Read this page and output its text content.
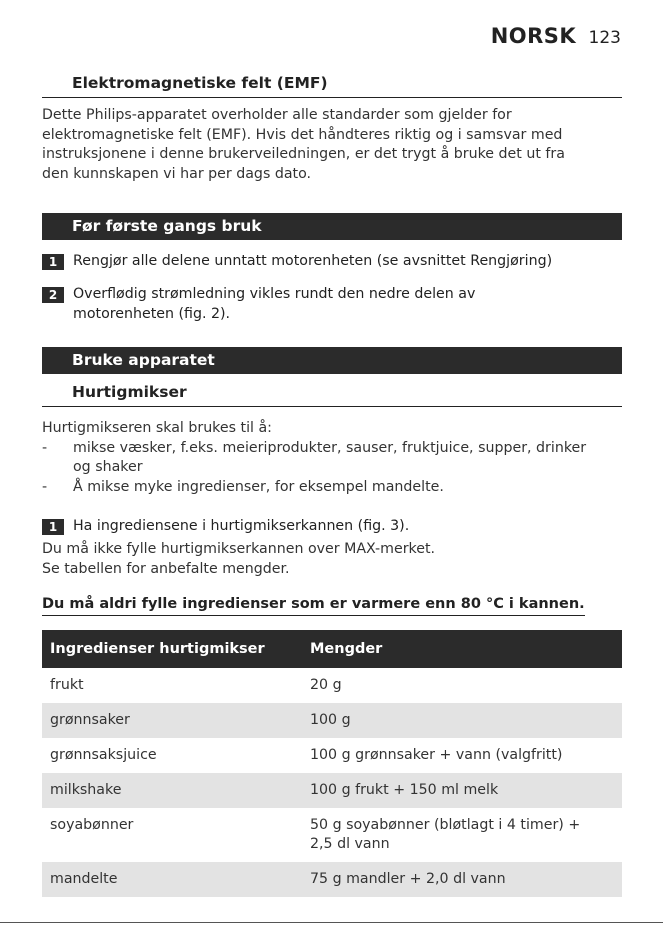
NORSK 123
Elektromagnetiske felt (EMF)

Dette Philips-apparatet overholder alle standarder som gjelder for

elektromagnetiske felt (EMF). Hvis det håndteres riktig og i samsvar med

instruksjonene i denne brukerveiledningen, er det trygt å bruke det ut fra

den kunnskapen vi har per dags dato.

Før første gangs bruk
1	Rengjør alle delene unntatt motorenheten (se avsnittet Rengjøring)
2	Overflødig strømledning vikles rundt den nedre delen av
motorenheten (fig. 2).
Bruke apparatet
Hurtigmikser

Hurtigmikseren skal brukes til å:

- mikse væsker, f.eks. meieriprodukter, sauser, fruktjuice, supper, drinker
og shaker
- Å mikse myke ingredienser, for eksempel mandelte.
1	Ha ingrediensene i hurtigmikserkannen (fig. 3).

Du må ikke fylle hurtigmikserkannen over MAX-merket.

Se tabellen for anbefalte mengder.

Du må aldri fylle ingredienser som er varmere enn 80 °C i kannen.
Ingredienser hurtigmikser	Mengder
frukt	20 g
grønnsaker	100 g
grønnsaksjuice	100 g grønnsaker + vann (valgfritt)
milkshake	100 g frukt + 150 ml melk
soyabønner	50 g soyabønner (bløtlagt i 4 timer) +
2,5 dl vann

mandelte	75 g mandler + 2,0 dl vann
